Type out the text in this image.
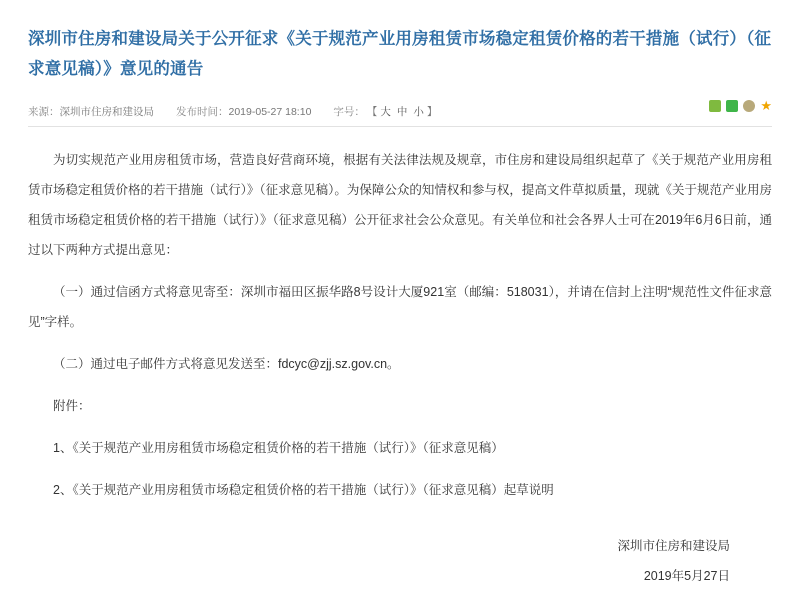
深圳市住房和建设局关于公开征求《关于规范产业用房租赁市场稳定租赁价格的若干措施（试行）（征求意见稿）》意见的通告
来源：深圳市住房和建设局 发布时间：2019-05-27 18:10 字号： 【 大 中 小 】	★

为切实规范产业用房租赁市场，营造良好营商环境，根据有关法律法规及规章，市住房和建设局组织起草了《关于规范产业用房租赁市场稳定租赁价格的若干措施（试行）》（征求意见稿）。为保障公众的知情权和参与权，提高文件草拟质量，现就《关于规范产业用房租赁市场稳定租赁价格的若干措施（试行）》（征求意见稿）公开征求社会公众意见。有关单位和社会各界人士可在2019年6月6日前，通过以下两种方式提出意见：

（一）通过信函方式将意见寄至：深圳市福田区振华路8号设计大厦921室（邮编：518031），并请在信封上注明“规范性文件征求意见”字样。

（二）通过电子邮件方式将意见发送至：fdcyc@zjj.sz.gov.cn。

附件：

1、《关于规范产业用房租赁市场稳定租赁价格的若干措施（试行）》（征求意见稿）

2、《关于规范产业用房租赁市场稳定租赁价格的若干措施（试行）》（征求意见稿）起草说明

深圳市住房和建设局
2019年5月27日
